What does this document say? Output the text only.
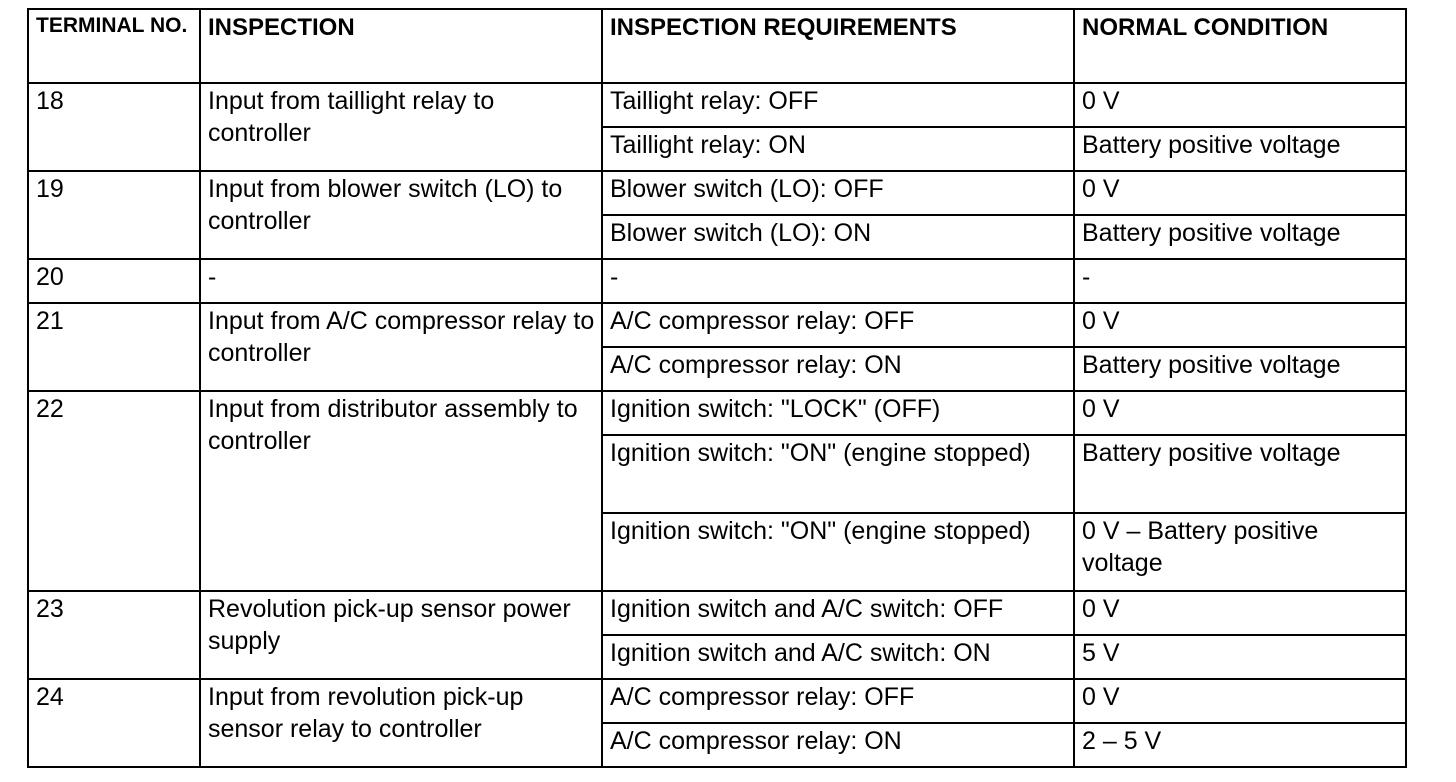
TERMINAL NO.	INSPECTION	INSPECTION REQUIREMENTS	NORMAL CONDITION
18	Input from taillight relay to controller	Taillight relay: OFF	0 V
		Taillight relay: ON	Battery positive voltage
19	Input from blower switch (LO) to controller	Blower switch (LO): OFF	0 V
		Blower switch (LO): ON	Battery positive voltage
20	-	-	-
21	Input from A/C compressor relay to controller	A/C compressor relay: OFF	0 V
		A/C compressor relay: ON	Battery positive voltage
22	Input from distributor assembly to controller	Ignition switch: "LOCK" (OFF)	0 V
		Ignition switch: "ON" (engine stopped)	Battery positive voltage
		Ignition switch: "ON" (engine stopped)	0 V – Battery positive voltage
23	Revolution pick-up sensor power supply	Ignition switch and A/C switch: OFF	0 V
		Ignition switch and A/C switch: ON	5 V
24	Input from revolution pick-up sensor relay to controller	A/C compressor relay: OFF	0 V
		A/C compressor relay: ON	2 – 5 V
